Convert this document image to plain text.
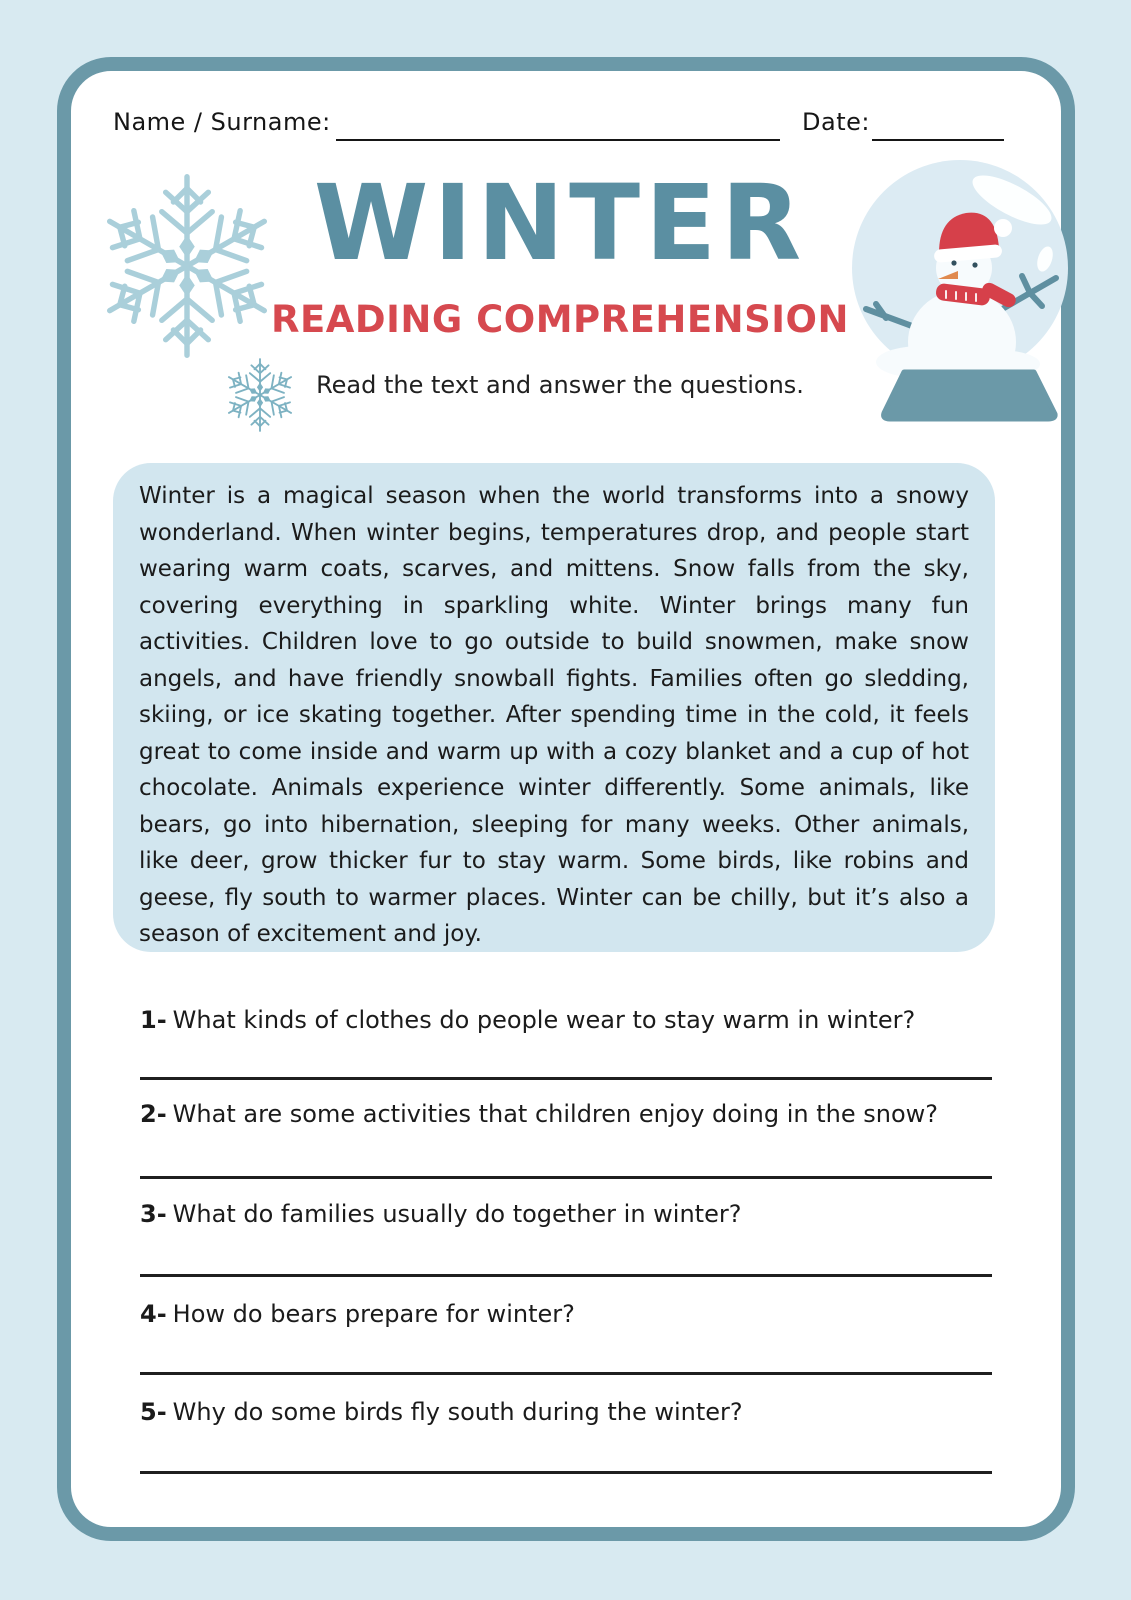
Name / Surname:	Date:
WINTER
READING COMPREHENSION
Read the text and answer the questions.

Winter is a magical season when the world transforms into a snowy wonderland. When winter begins, temperatures drop, and people start wearing warm coats, scarves, and mittens. Snow falls from the sky, covering everything in sparkling white. Winter brings many fun activities. Children love to go outside to build snowmen, make snow angels, and have friendly snowball fights. Families often go sledding, skiing, or ice skating together. After spending time in the cold, it feels great to come inside and warm up with a cozy blanket and a cup of hot chocolate. Animals experience winter differently. Some animals, like bears, go into hibernation, sleeping for many weeks. Other animals, like deer, grow thicker fur to stay warm. Some birds, like robins and geese, fly south to warmer places. Winter can be chilly, but it’s also a season of excitement and joy.

1- What kinds of clothes do people wear to stay warm in winter?
2- What are some activities that children enjoy doing in the snow?
3- What do families usually do together in winter?
4- How do bears prepare for winter?
5- Why do some birds fly south during the winter?
